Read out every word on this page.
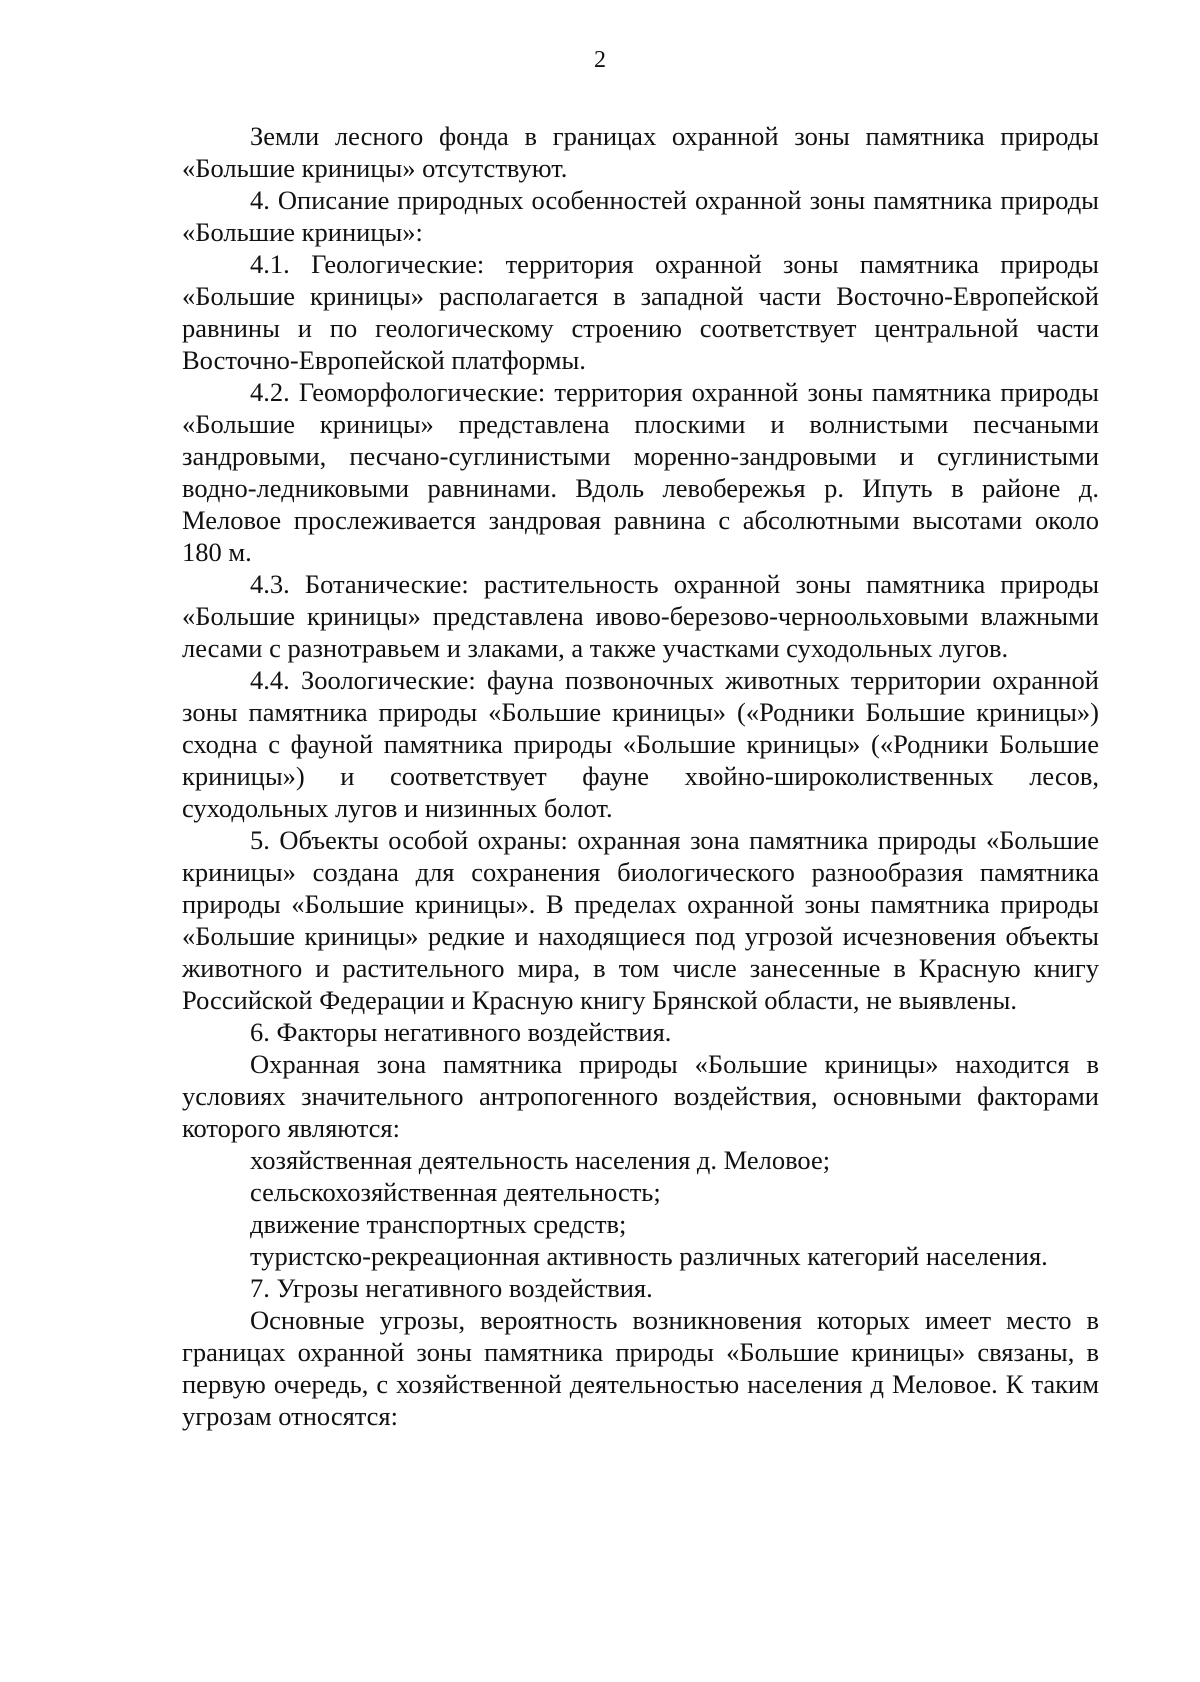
2

Земли лесного фонда в границах охранной зоны памятника природы «Большие криницы» отсутствуют.

4. Описание природных особенностей охранной зоны памятника природы «Большие криницы»:

4.1. Геологические: территория охранной зоны памятника природы «Большие криницы» располагается в западной части Восточно-Европейской равнины и по геологическому строению соответствует центральной части Восточно-Европейской платформы.

4.2. Геоморфологические: территория охранной зоны памятника природы «Большие криницы» представлена плоскими и волнистыми песчаными зандровыми, песчано-суглинистыми моренно-зандровыми и суглинистыми водно-ледниковыми равнинами. Вдоль левобережья р. Ипуть в районе д. Меловое прослеживается зандровая равнина с абсолютными высотами около 180 м.

4.3. Ботанические: растительность охранной зоны памятника природы «Большие криницы» представлена ивово-березово-черноольховыми влажными лесами с разнотравьем и злаками, а также участками суходольных лугов.

4.4. Зоологические: фауна позвоночных животных территории охранной зоны памятника природы «Большие криницы» («Родники Большие криницы») сходна с фауной памятника природы «Большие криницы» («Родники Большие криницы») и соответствует фауне хвойно-широколиственных лесов, суходольных лугов и низинных болот.

5. Объекты особой охраны: охранная зона памятника природы «Большие криницы» создана для сохранения биологического разнообразия памятника природы «Большие криницы». В пределах охранной зоны памятника природы «Большие криницы» редкие и находящиеся под угрозой исчезновения объекты животного и растительного мира, в том числе занесенные в Красную книгу Российской Федерации и Красную книгу Брянской области, не выявлены.

6. Факторы негативного воздействия.

Охранная зона памятника природы «Большие криницы» находится в условиях значительного антропогенного воздействия, основными факторами которого являются:

хозяйственная деятельность населения д. Меловое;

сельскохозяйственная деятельность;

движение транспортных средств;

туристско-рекреационная активность различных категорий населения.

7. Угрозы негативного воздействия.

Основные угрозы, вероятность возникновения которых имеет место в границах охранной зоны памятника природы «Большие криницы» связаны, в первую очередь, с хозяйственной деятельностью населения д Меловое. К таким угрозам относятся:
